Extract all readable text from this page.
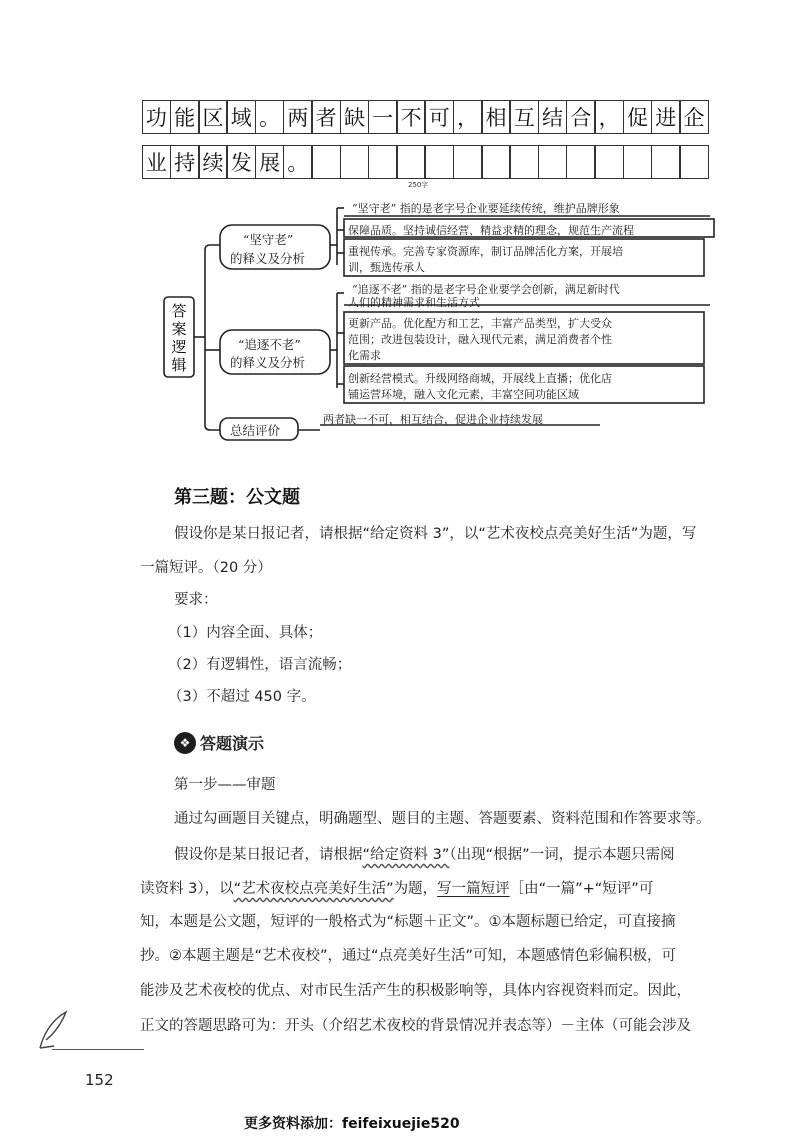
功 能 区 域 。 两 者 缺 一 不 可 ， 相 互 结 合 ， 促 进 企
业 持 续 发 展 。
250字
答
案
逻
辑
“坚守老”
的释义及分析
“坚守老” 指的是老字号企业要延续传统，维护品牌形象
保障品质。坚持诚信经营、精益求精的理念，规范生产流程
重视传承。完善专家资源库，制订品牌活化方案，开展培
训，甄选传承人
“追逐不老”
的释义及分析
“追逐不老” 指的是老字号企业要学会创新，满足新时代
人们的精神需求和生活方式
更新产品。优化配方和工艺，丰富产品类型，扩大受众
范围；改进包装设计，融入现代元素，满足消费者个性
化需求
创新经营模式。升级网络商城，开展线上直播；优化店
铺运营环境，融入文化元素，丰富空间功能区域
总结评价
两者缺一不可，相互结合，促进企业持续发展
第三题：公文题
假设你是某日报记者，请根据“给定资料 3”，以“艺术夜校点亮美好生活”为题，写
一篇短评。（20 分）
要求：
（1）内容全面、具体；
（2）有逻辑性，语言流畅；
（3）不超过 450 字。
❖ 答题演示
第一步——审题
通过勾画题目关键点，明确题型、题目的主题、答题要素、资料范围和作答要求等。
假设你是某日报记者，请根据“给定资料 3”（出现“根据”一词，提示本题只需阅
读资料 3），以“艺术夜校点亮美好生活”为题，写一篇短评［由“一篇”+“短评”可
知，本题是公文题，短评的一般格式为“标题＋正文”。①本题标题已给定，可直接摘
抄。②本题主题是“艺术夜校”，通过“点亮美好生活”可知，本题感情色彩偏积极，可
能涉及艺术夜校的优点、对市民生活产生的积极影响等，具体内容视资料而定。因此，
正文的答题思路可为：开头（介绍艺术夜校的背景情况并表态等）－主体（可能会涉及
152
更多资料添加：feifeixuejie520
